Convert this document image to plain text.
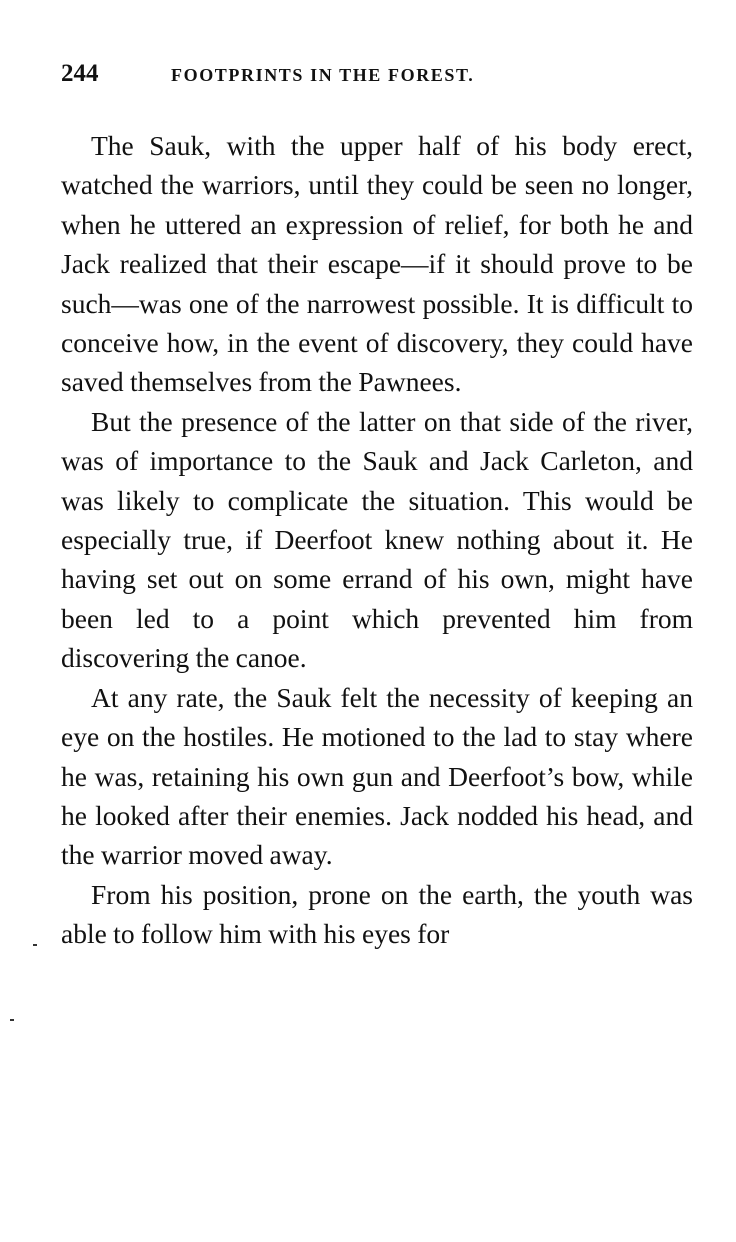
244	FOOTPRINTS IN THE FOREST.

The Sauk, with the upper half of his body erect, watched the warriors, until they could be seen no longer, when he uttered an expression of relief, for both he and Jack realized that their escape—if it should prove to be such—was one of the narrowest possible. It is difficult to conceive how, in the event of discovery, they could have saved themselves from the Pawnees.

But the presence of the latter on that side of the river, was of importance to the Sauk and Jack Carleton, and was likely to complicate the situation. This would be especially true, if Deerfoot knew nothing about it. He having set out on some errand of his own, might have been led to a point which prevented him from discovering the canoe.

At any rate, the Sauk felt the necessity of keeping an eye on the hostiles. He motioned to the lad to stay where he was, retaining his own gun and Deerfoot’s bow, while he looked after their enemies. Jack nodded his head, and the warrior moved away.

From his position, prone on the earth, the youth was able to follow him with his eyes for
